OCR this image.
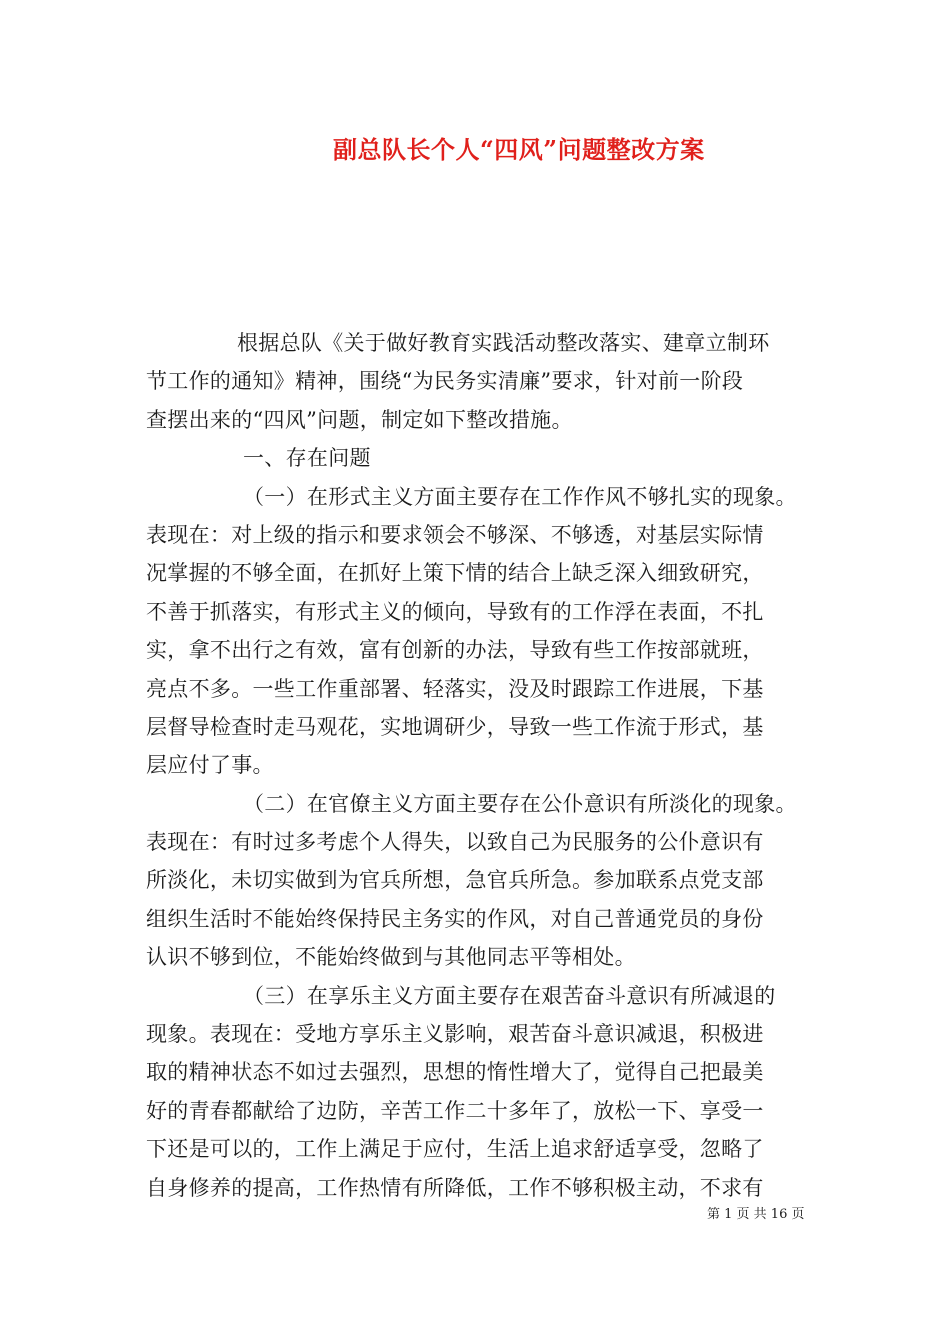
副总队长个人“四风”问题整改方案
根据总队《关于做好教育实践活动整改落实、建章立制环
节工作的通知》精神，围绕“为民务实清廉”要求，针对前一阶段
查摆出来的“四风”问题，制定如下整改措施。
一、存在问题
（一）在形式主义方面主要存在工作作风不够扎实的现象。
表现在：对上级的指示和要求领会不够深、不够透，对基层实际情
况掌握的不够全面，在抓好上策下情的结合上缺乏深入细致研究，
不善于抓落实，有形式主义的倾向，导致有的工作浮在表面，不扎
实，拿不出行之有效，富有创新的办法，导致有些工作按部就班，
亮点不多。一些工作重部署、轻落实，没及时跟踪工作进展，下基
层督导检查时走马观花，实地调研少，导致一些工作流于形式，基
层应付了事。
（二）在官僚主义方面主要存在公仆意识有所淡化的现象。
表现在：有时过多考虑个人得失，以致自己为民服务的公仆意识有
所淡化，未切实做到为官兵所想，急官兵所急。参加联系点党支部
组织生活时不能始终保持民主务实的作风，对自己普通党员的身份
认识不够到位，不能始终做到与其他同志平等相处。
（三）在享乐主义方面主要存在艰苦奋斗意识有所减退的
现象。表现在：受地方享乐主义影响，艰苦奋斗意识减退，积极进
取的精神状态不如过去强烈，思想的惰性增大了，觉得自己把最美
好的青春都献给了边防，辛苦工作二十多年了，放松一下、享受一
下还是可以的，工作上满足于应付，生活上追求舒适享受，忽略了
自身修养的提高，工作热情有所降低，工作不够积极主动，不求有
第 1 页 共 16 页
